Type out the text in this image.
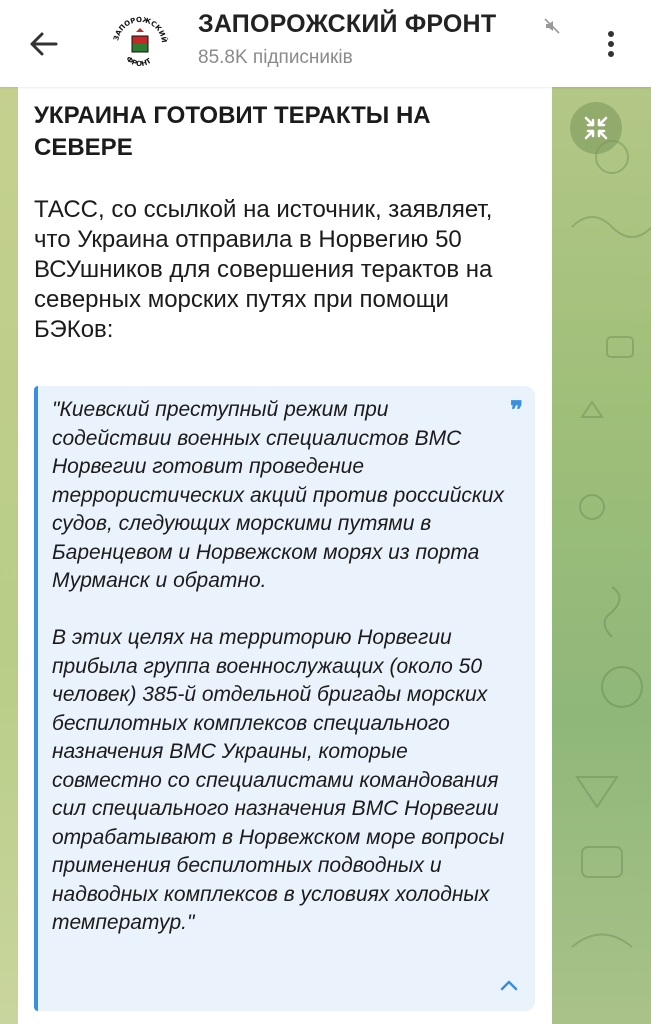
ЗАПОРОЖСКИЙ
ФРОНТ
ЗАПОРОЖСКИЙ ФРОНТ
85.8K підписників
УКРАИНА ГОТОВИТ ТЕРАКТЫ НА СЕВЕРЕ
ТАСС, со ссылкой на источник, заявляет, что Украина отправила в Норвегию 50 ВСУшников для совершения терактов на северных морских путях при помощи БЭКов:
❞

"Киевский преступный режим при содействии военных специалистов ВМС Норвегии готовит проведение террористических акций против российских судов, следующих морскими путями в Баренцевом и Норвежском морях из порта Мурманск и обратно.

В этих целях на территорию Норвегии прибыла группа военнослужащих (около 50 человек) 385-й отдельной бригады морских беспилотных комплексов специального назначения ВМС Украины, которые совместно со специалистами командования сил специального назначения ВМС Норвегии отрабатывают в Норвежском море вопросы применения беспилотных подводных и надводных комплексов в условиях холодных температур."
